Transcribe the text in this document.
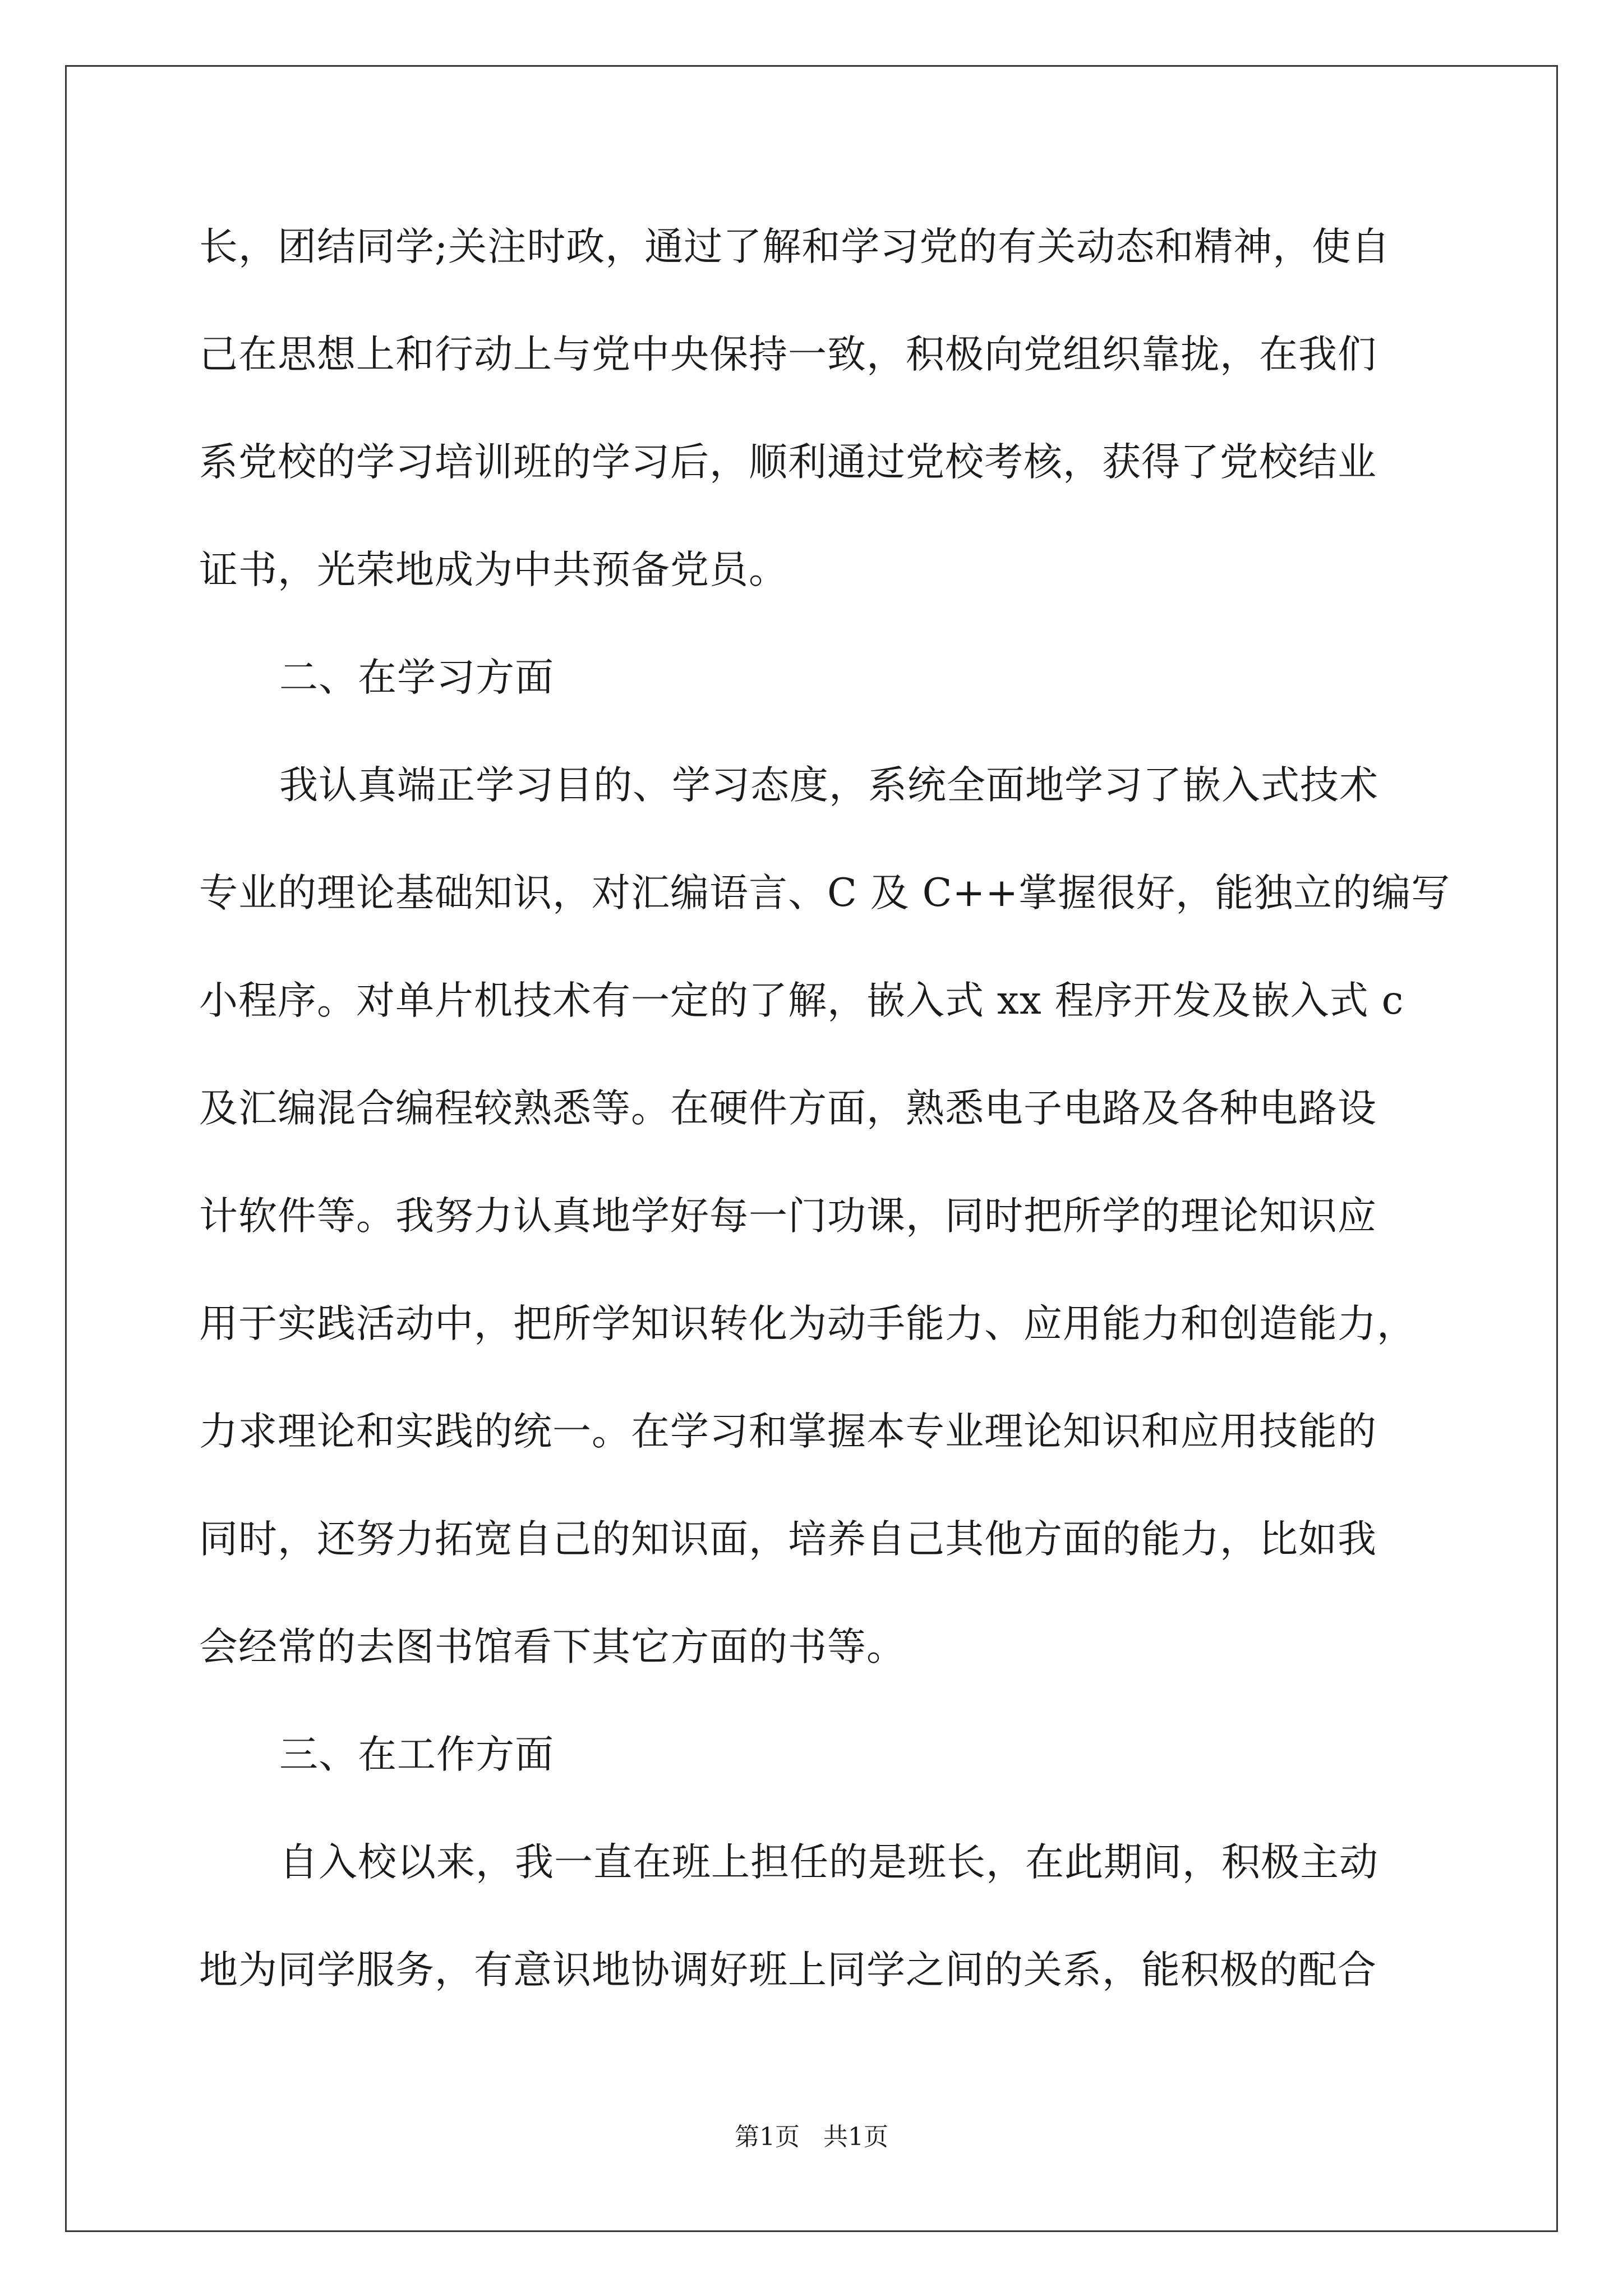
长，团结同学;关注时政，通过了解和学习党的有关动态和精神，使自
己在思想上和行动上与党中央保持一致，积极向党组织靠拢，在我们
系党校的学习培训班的学习后，顺利通过党校考核，获得了党校结业
证书，光荣地成为中共预备党员。
二、在学习方面
我认真端正学习目的、学习态度，系统全面地学习了嵌入式技术
专业的理论基础知识，对汇编语言、C 及 C++掌握很好，能独立的编写
小程序。对单片机技术有一定的了解，嵌入式 xx 程序开发及嵌入式 c
及汇编混合编程较熟悉等。在硬件方面，熟悉电子电路及各种电路设
计软件等。我努力认真地学好每一门功课，同时把所学的理论知识应
用于实践活动中，把所学知识转化为动手能力、应用能力和创造能力，
力求理论和实践的统一。在学习和掌握本专业理论知识和应用技能的
同时，还努力拓宽自己的知识面，培养自己其他方面的能力，比如我
会经常的去图书馆看下其它方面的书等。
三、在工作方面
自入校以来，我一直在班上担任的是班长，在此期间，积极主动
地为同学服务，有意识地协调好班上同学之间的关系，能积极的配合
第1页   共1页
